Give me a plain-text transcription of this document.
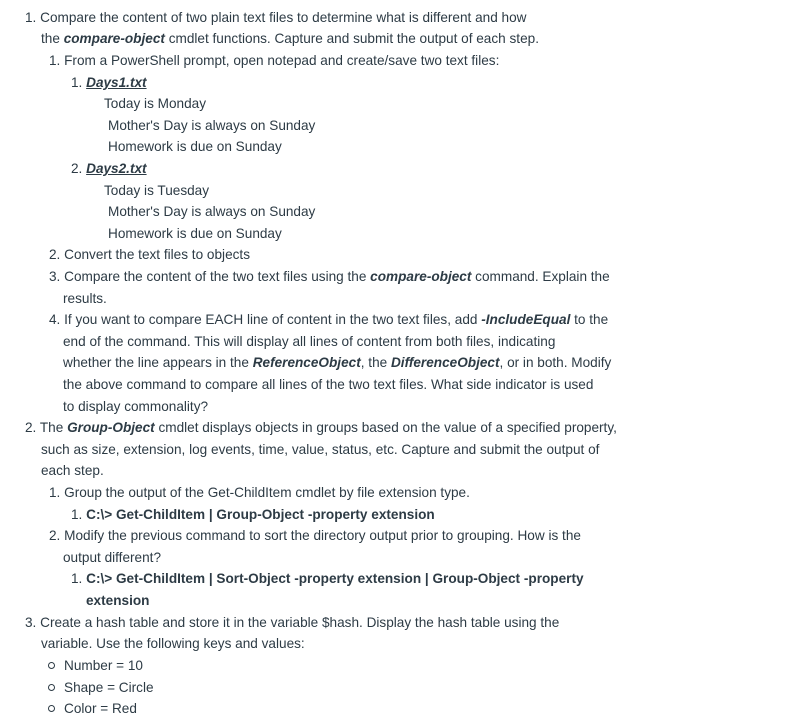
1. Compare the content of two plain text files to determine what is different and how
the compare-object cmdlet functions. Capture and submit the output of each step.
1. From a PowerShell prompt, open notepad and create/save two text files:
1. Days1.txt
Today is Monday
Mother's Day is always on Sunday
Homework is due on Sunday
2. Days2.txt
Today is Tuesday
Mother's Day is always on Sunday
Homework is due on Sunday
2. Convert the text files to objects
3. Compare the content of the two text files using the compare-object command. Explain the
results.
4. If you want to compare EACH line of content in the two text files, add -IncludeEqual to the
end of the command. This will display all lines of content from both files, indicating
whether the line appears in the ReferenceObject, the DifferenceObject, or in both. Modify
the above command to compare all lines of the two text files. What side indicator is used
to display commonality?
2. The Group-Object cmdlet displays objects in groups based on the value of a specified property,
such as size, extension, log events, time, value, status, etc. Capture and submit the output of
each step.
1. Group the output of the Get-ChildItem cmdlet by file extension type.
1. C:\> Get-ChildItem | Group-Object -property extension
2. Modify the previous command to sort the directory output prior to grouping. How is the
output different?
1. C:\> Get-ChildItem | Sort-Object -property extension | Group-Object -property
extension
3. Create a hash table and store it in the variable $hash. Display the hash table using the
variable. Use the following keys and values:
Number = 10
Shape = Circle
Color = Red
